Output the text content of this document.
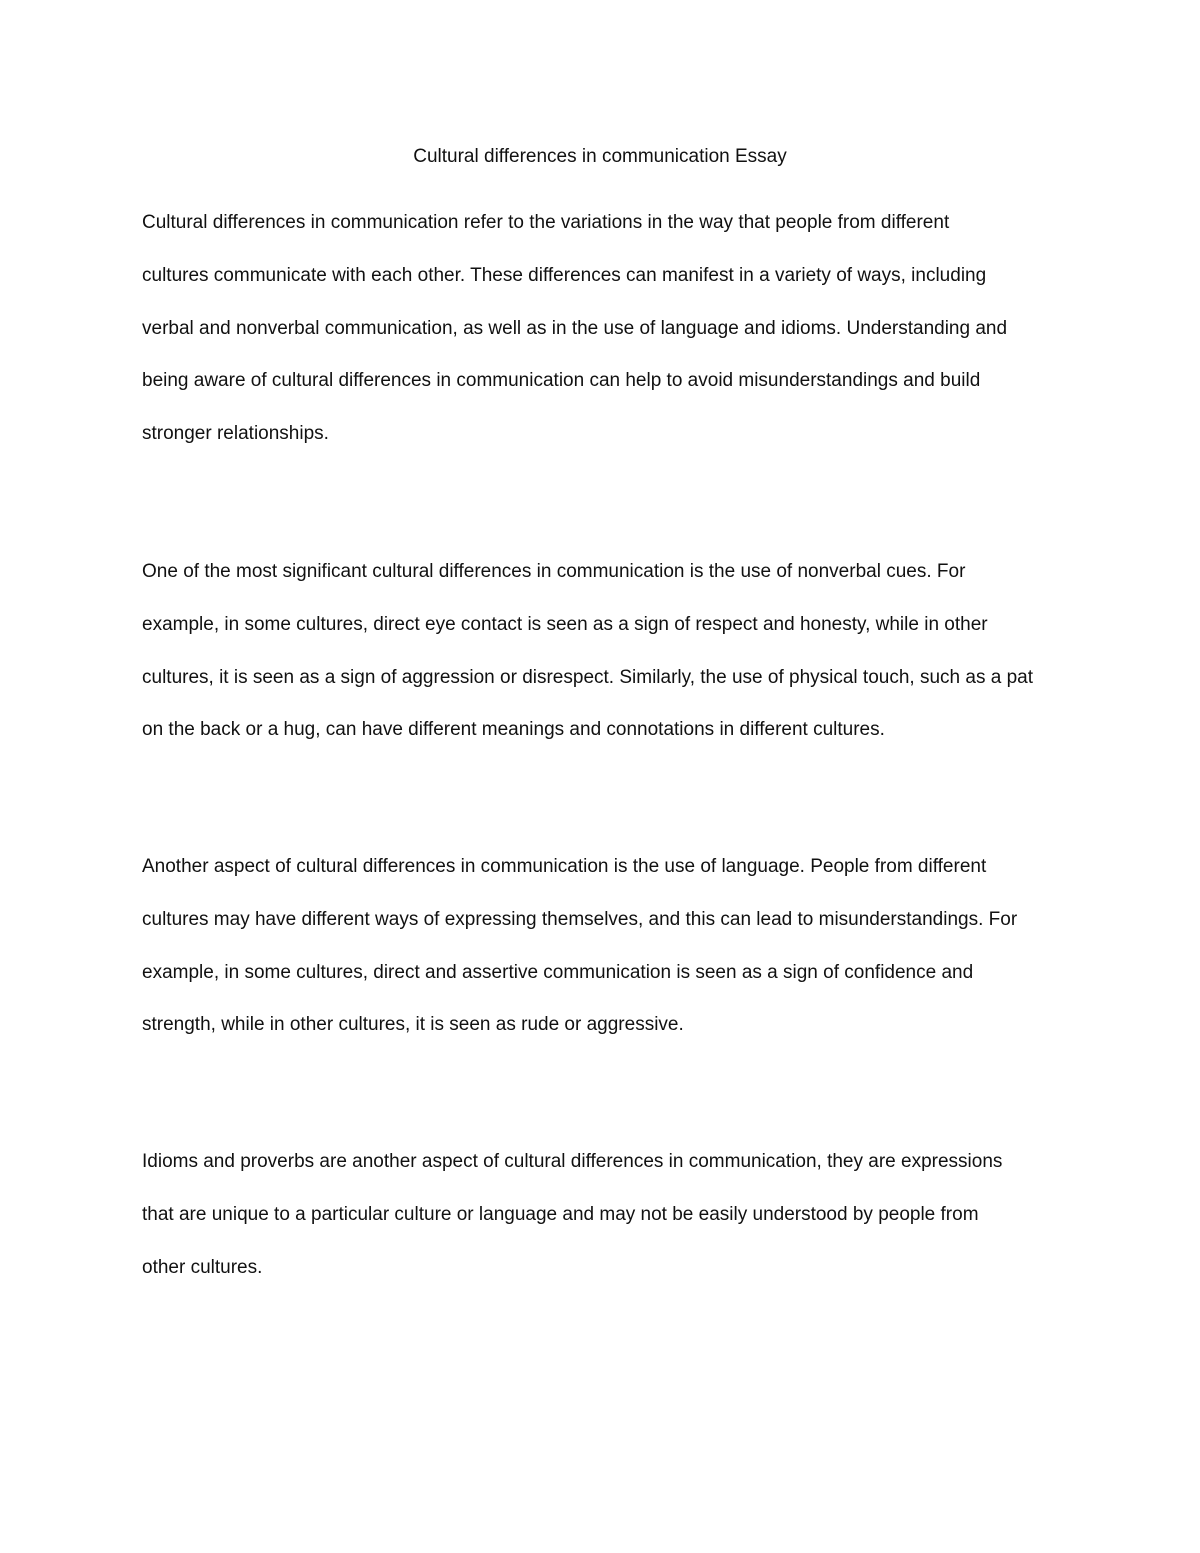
Cultural differences in communication Essay
Cultural differences in communication refer to the variations in the way that people from different
cultures communicate with each other. These differences can manifest in a variety of ways, including
verbal and nonverbal communication, as well as in the use of language and idioms. Understanding and
being aware of cultural differences in communication can help to avoid misunderstandings and build
stronger relationships.
One of the most significant cultural differences in communication is the use of nonverbal cues. For
example, in some cultures, direct eye contact is seen as a sign of respect and honesty, while in other
cultures, it is seen as a sign of aggression or disrespect. Similarly, the use of physical touch, such as a pat
on the back or a hug, can have different meanings and connotations in different cultures.
Another aspect of cultural differences in communication is the use of language. People from different
cultures may have different ways of expressing themselves, and this can lead to misunderstandings. For
example, in some cultures, direct and assertive communication is seen as a sign of confidence and
strength, while in other cultures, it is seen as rude or aggressive.
Idioms and proverbs are another aspect of cultural differences in communication, they are expressions
that are unique to a particular culture or language and may not be easily understood by people from
other cultures.
